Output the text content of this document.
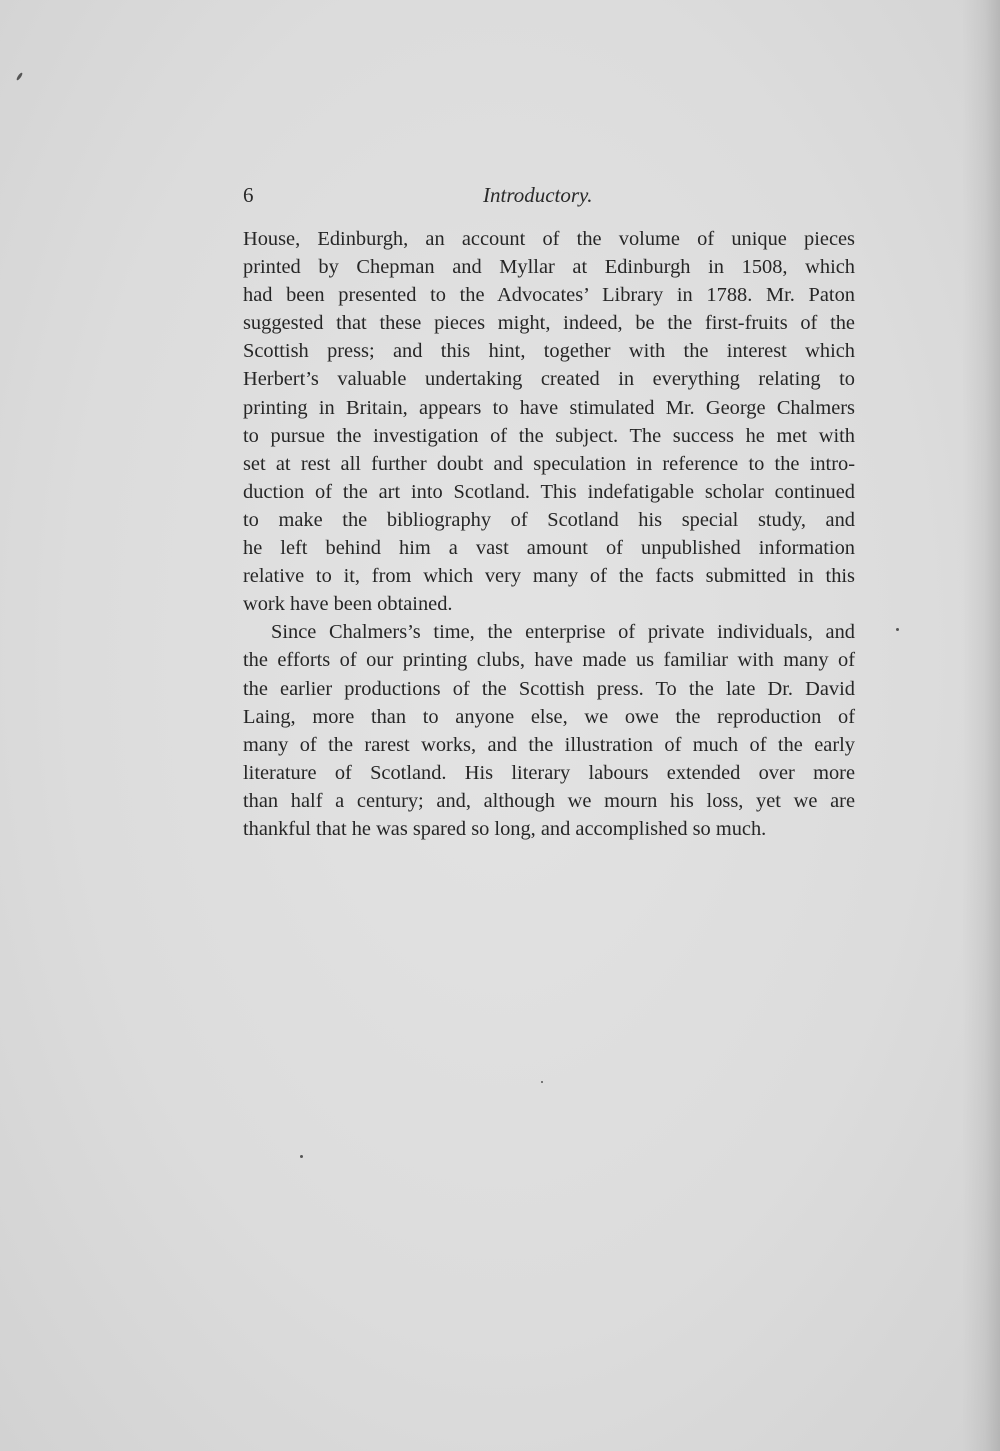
6	Introductory.
House, Edinburgh, an account of the volume of unique pieces
printed by Chepman and Myllar at Edinburgh in 1508, which
had been presented to the Advocates’ Library in 1788. Mr. Paton
suggested that these pieces might, indeed, be the first-fruits of the
Scottish press; and this hint, together with the interest which
Herbert’s valuable undertaking created in everything relating to
printing in Britain, appears to have stimulated Mr. George Chalmers
to pursue the investigation of the subject. The success he met with
set at rest all further doubt and speculation in reference to the intro-
duction of the art into Scotland. This indefatigable scholar continued
to make the bibliography of Scotland his special study, and
he left behind him a vast amount of unpublished information
relative to it, from which very many of the facts submitted in this
work have been obtained.
Since Chalmers’s time, the enterprise of private individuals, and
the efforts of our printing clubs, have made us familiar with many of
the earlier productions of the Scottish press. To the late Dr. David
Laing, more than to anyone else, we owe the reproduction of
many of the rarest works, and the illustration of much of the early
literature of Scotland. His literary labours extended over more
than half a century; and, although we mourn his loss, yet we are
thankful that he was spared so long, and accomplished so much.
